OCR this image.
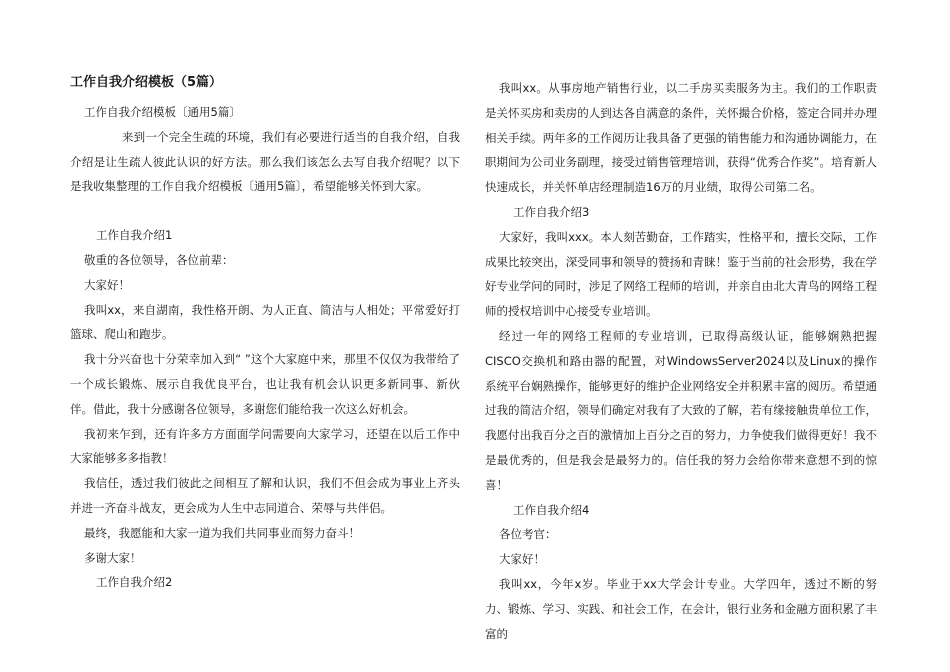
工作自我介绍模板（5篇）

工作自我介绍模板〔通用5篇〕

来到一个完全生疏的环境，我们有必要进行适当的自我介绍，自我介绍是让生疏人彼此认识的好方法。那么我们该怎么去写自我介绍呢？以下是我收集整理的工作自我介绍模板〔通用5篇〕，希望能够关怀到大家。

工作自我介绍1

敬重的各位领导，各位前辈：

大家好！

我叫xx，来自湖南，我性格开朗、为人正直、简洁与人相处；平常爱好打篮球、爬山和跑步。

我十分兴奋也十分荣幸加入到“ ”这个大家庭中来，那里不仅仅为我带给了一个成长锻炼、展示自我优良平台，也让我有机会认识更多新同事、新伙伴。借此，我十分感谢各位领导，多谢您们能给我一次这么好机会。

我初来乍到，还有许多方方面面学问需要向大家学习，还望在以后工作中大家能够多多指教！

我信任，透过我们彼此之间相互了解和认识，我们不但会成为事业上齐头并进一齐奋斗战友，更会成为人生中志同道合、荣辱与共伴侣。

最终，我愿能和大家一道为我们共同事业而努力奋斗！

多谢大家！

工作自我介绍2

我叫xx。从事房地产销售行业，以二手房买卖服务为主。我们的工作职责是关怀买房和卖房的人到达各自满意的条件，关怀撮合价格，签定合同并办理相关手续。两年多的工作阅历让我具备了更强的销售能力和沟通协调能力，在职期间为公司业务副理，接受过销售管理培训，获得“优秀合作奖”。培育新人快速成长，并关怀单店经理制造16万的月业绩，取得公司第二名。

工作自我介绍3

大家好，我叫xxx。本人刻苦勤奋，工作踏实，性格平和，擅长交际，工作成果比较突出，深受同事和领导的赞扬和青睐！鉴于当前的社会形势，我在学好专业学问的同时，涉足了网络工程师的培训，并亲自由北大青鸟的网络工程师的授权培训中心接受专业培训。

经过一年的网络工程师的专业培训，已取得高级认证，能够娴熟把握CISCO交换机和路由器的配置，对WindowsServer2024以及Linux的操作系统平台娴熟操作，能够更好的维护企业网络安全并积累丰富的阅历。希望通过我的简洁介绍，领导们确定对我有了大致的了解，若有缘接触贵单位工作，我愿付出我百分之百的激情加上百分之百的努力，力争使我们做得更好！我不是最优秀的，但是我会是最努力的。信任我的努力会给你带来意想不到的惊喜！

工作自我介绍4

各位考官：

大家好！

我叫xx，今年x岁。毕业于xx大学会计专业。大学四年，透过不断的努力、锻炼、学习、实践、和社会工作，在会计，银行业务和金融方面积累了丰富的
